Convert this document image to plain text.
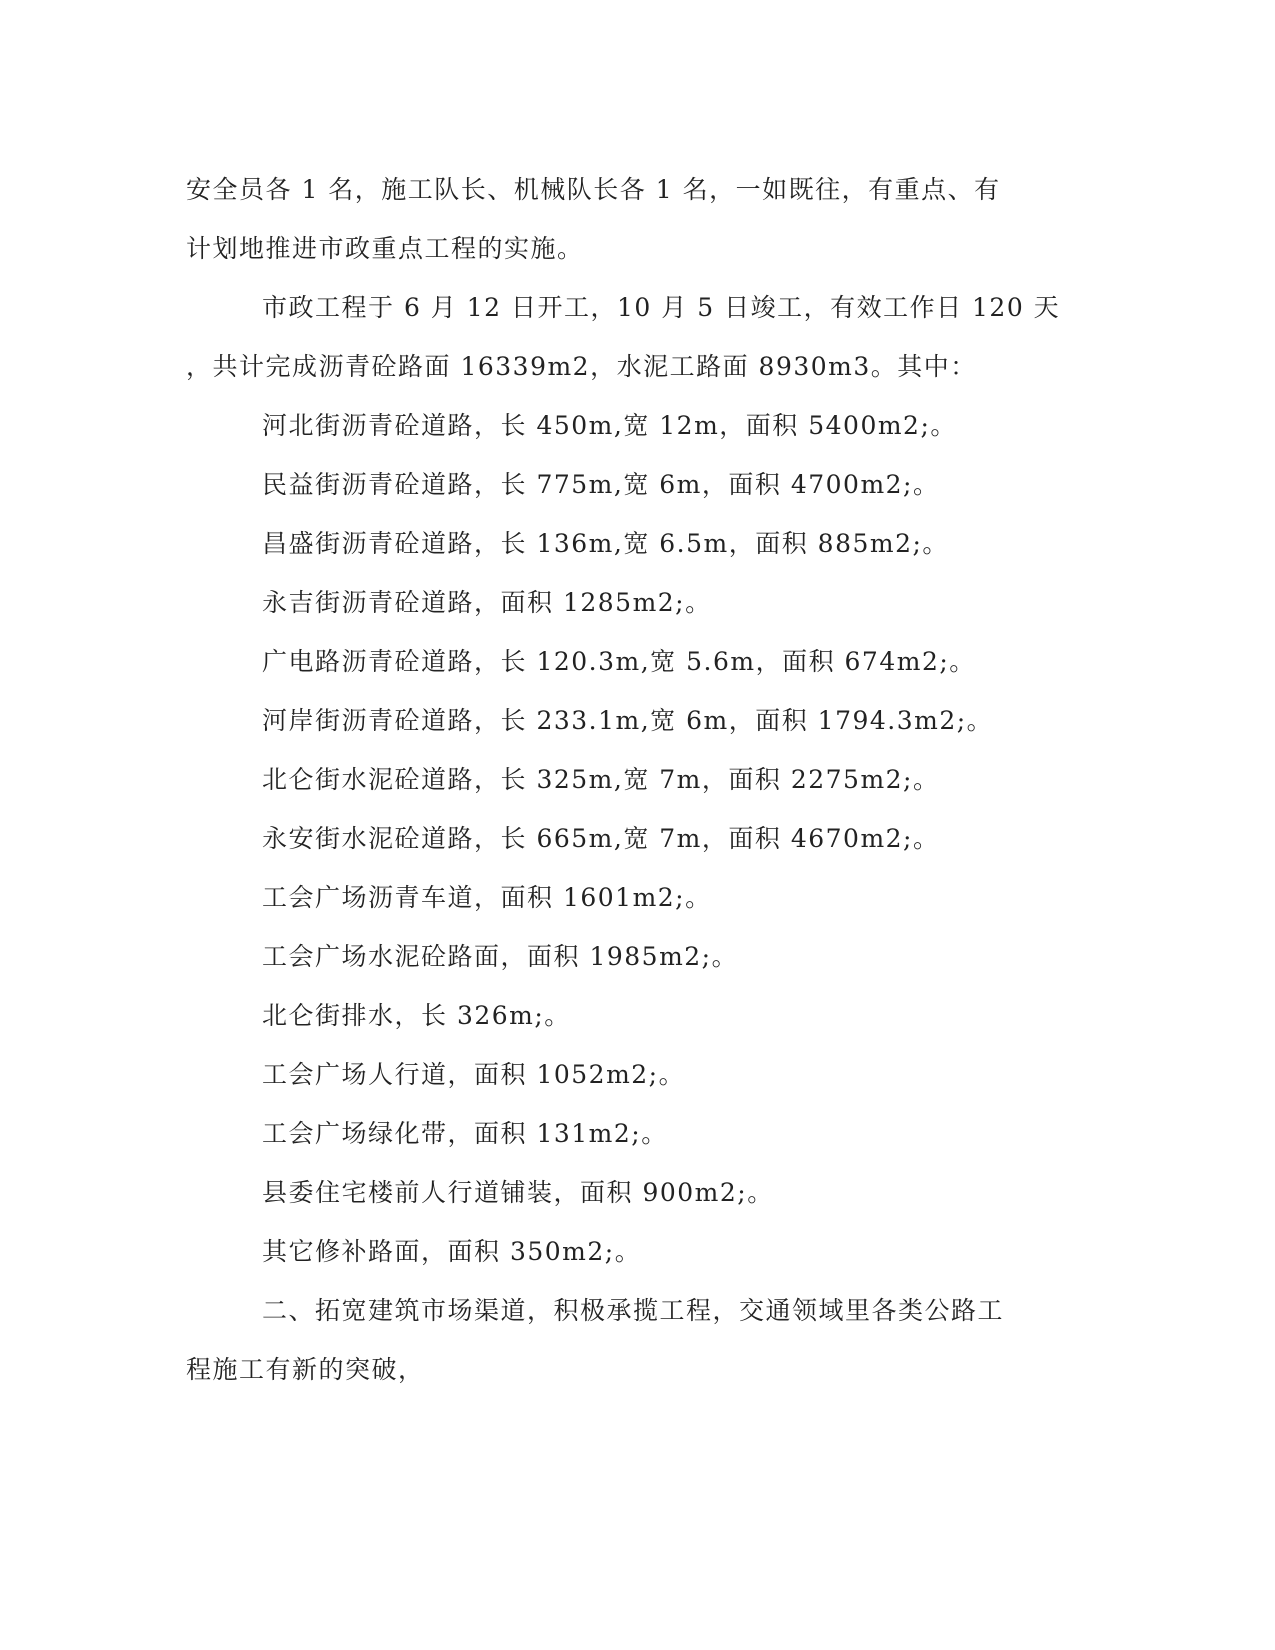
安全员各 1 名，施工队长、机械队长各 1 名，一如既往，有重点、有
计划地推进市政重点工程的实施。
市政工程于 6 月 12 日开工，10 月 5 日竣工，有效工作日 120 天
，共计完成沥青砼路面 16339m2，水泥工路面 8930m3。其中：
河北街沥青砼道路，长 450m,宽 12m，面积 5400m2;。
民益街沥青砼道路，长 775m,宽 6m，面积 4700m2;。
昌盛街沥青砼道路，长 136m,宽 6.5m，面积 885m2;。
永吉街沥青砼道路，面积 1285m2;。
广电路沥青砼道路，长 120.3m,宽 5.6m，面积 674m2;。
河岸街沥青砼道路，长 233.1m,宽 6m，面积 1794.3m2;。
北仑街水泥砼道路，长 325m,宽 7m，面积 2275m2;。
永安街水泥砼道路，长 665m,宽 7m，面积 4670m2;。
工会广场沥青车道，面积 1601m2;。
工会广场水泥砼路面，面积 1985m2;。
北仑街排水，长 326m;。
工会广场人行道，面积 1052m2;。
工会广场绿化带，面积 131m2;。
县委住宅楼前人行道铺装，面积 900m2;。
其它修补路面，面积 350m2;。
二、拓宽建筑市场渠道，积极承揽工程，交通领域里各类公路工
程施工有新的突破，
